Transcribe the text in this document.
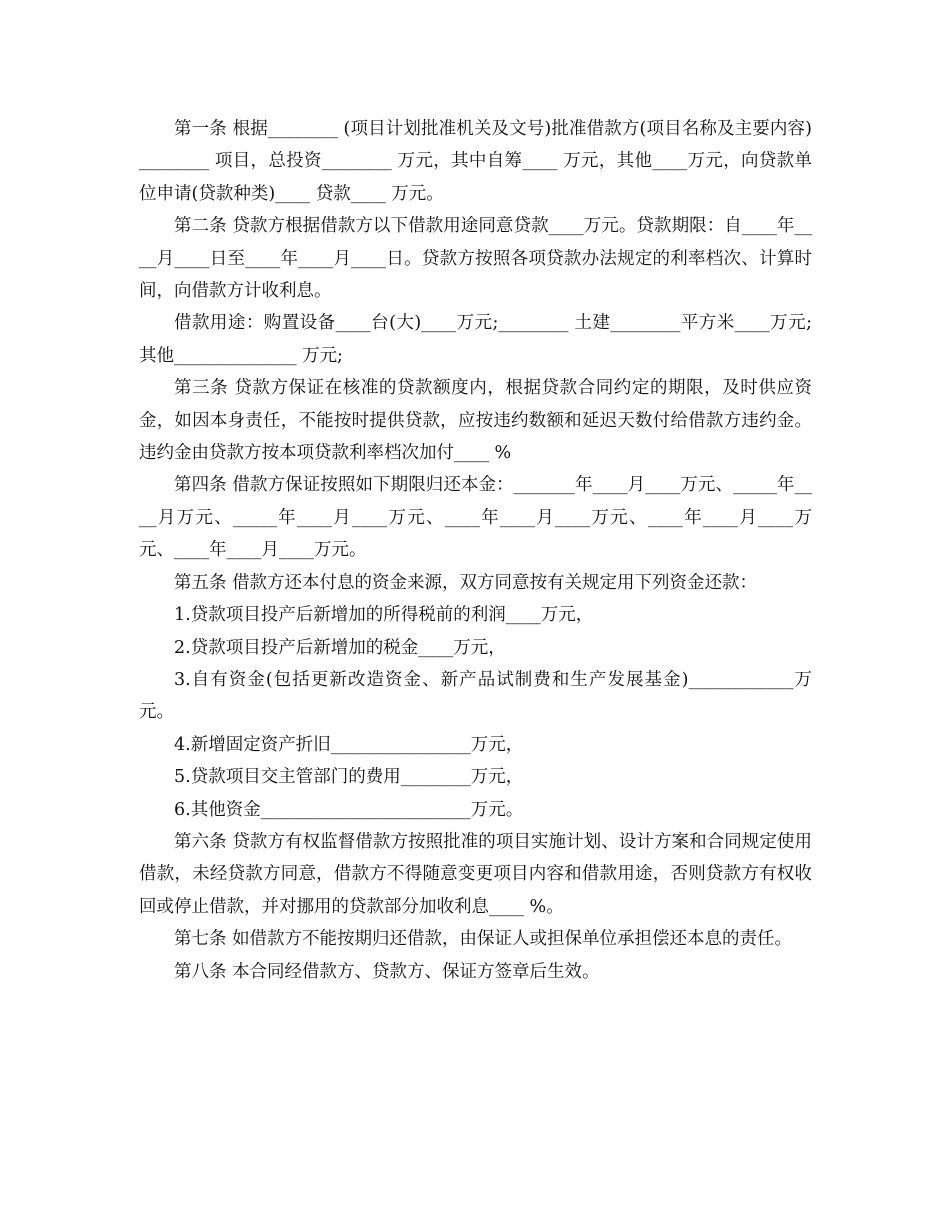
第一条 根据________ (项目计划批准机关及文号)批准借款方(项目名称及主要内容)________ 项目，总投资________ 万元，其中自筹____ 万元，其他____万元，向贷款单位申请(贷款种类)____ 贷款____ 万元。

第二条 贷款方根据借款方以下借款用途同意贷款____万元。贷款期限：自____年____月____日至____年____月____日。贷款方按照各项贷款办法规定的利率档次、计算时间，向借款方计收利息。

借款用途：购置设备____台(大)____万元;________ 土建________平方米____万元;其他______________ 万元;

第三条 贷款方保证在核准的贷款额度内，根据贷款合同约定的期限，及时供应资金，如因本身责任，不能按时提供贷款，应按违约数额和延迟天数付给借款方违约金。违约金由贷款方按本项贷款利率档次加付____ %

第四条 借款方保证按照如下期限归还本金：_______年____月____万元、_____年____月万元、_____年____月____万元、____年____月____万元、____年____月____万元、____年____月____万元。

第五条 借款方还本付息的资金来源，双方同意按有关规定用下列资金还款：

1.贷款项目投产后新增加的所得税前的利润____万元，

2.贷款项目投产后新增加的税金____万元，

3.自有资金(包括更新改造资金、新产品试制费和生产发展基金)____________万元。

4.新增固定资产折旧________________万元，

5.贷款项目交主管部门的费用________万元，

6.其他资金________________________万元。

第六条 贷款方有权监督借款方按照批准的项目实施计划、设计方案和合同规定使用借款，未经贷款方同意，借款方不得随意变更项目内容和借款用途，否则贷款方有权收回或停止借款，并对挪用的贷款部分加收利息____ %。

第七条 如借款方不能按期归还借款，由保证人或担保单位承担偿还本息的责任。

第八条 本合同经借款方、贷款方、保证方签章后生效。
